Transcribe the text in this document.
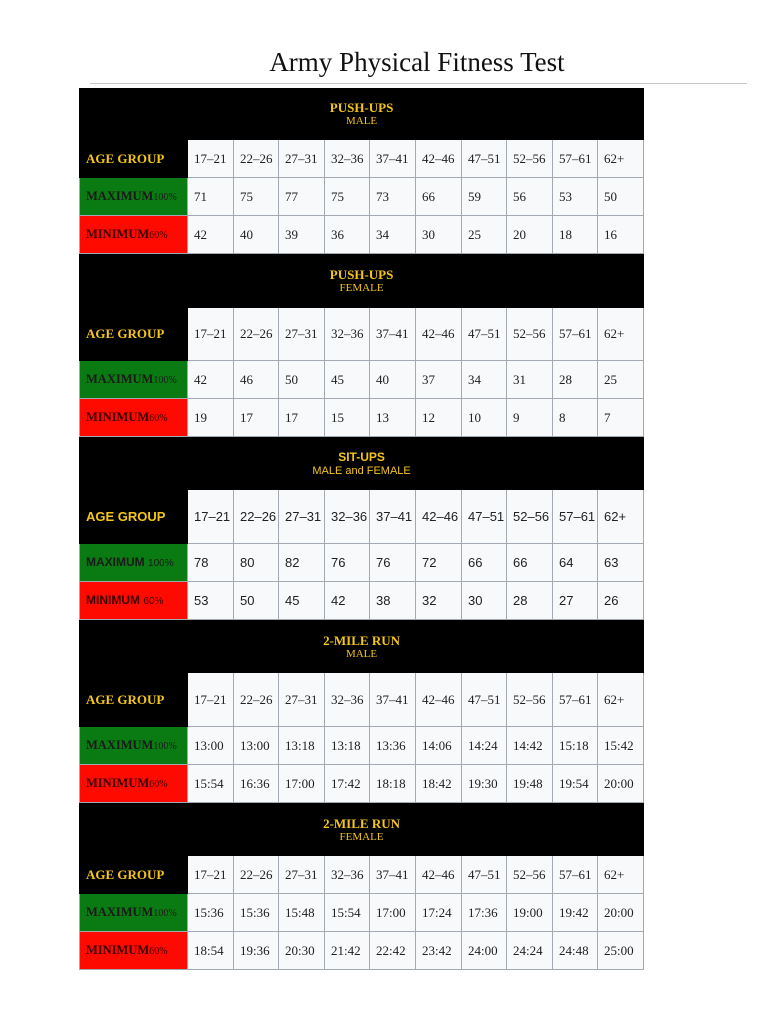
Army Physical Fitness Test
PUSH-UPS
MALE										

AGE GROUP	17–21	22–26	27–31	32–36	37–41	42–46	47–51	52–56	57–61	62+
MAXIMUM100%	71	75	77	75	73	66	59	56	53	50
MINIMUM60%	42	40	39	36	34	30	25	20	18	16
PUSH-UPS
FEMALE										

AGE GROUP	17–21	22–26	27–31	32–36	37–41	42–46	47–51	52–56	57–61	62+
MAXIMUM100%	42	46	50	45	40	37	34	31	28	25
MINIMUM60%	19	17	17	15	13	12	10	9	8	7
SIT-UPS
MALE and FEMALE										

AGE GROUP	17–21	22–26	27–31	32–36	37–41	42–46	47–51	52–56	57–61	62+
MAXIMUM 100%	78	80	82	76	76	72	66	66	64	63
MINIMUM 60%	53	50	45	42	38	32	30	28	27	26
2-MILE RUN
MALE										

AGE GROUP	17–21	22–26	27–31	32–36	37–41	42–46	47–51	52–56	57–61	62+
MAXIMUM100%	13:00	13:00	13:18	13:18	13:36	14:06	14:24	14:42	15:18	15:42
MINIMUM60%	15:54	16:36	17:00	17:42	18:18	18:42	19:30	19:48	19:54	20:00
2-MILE RUN
FEMALE										

AGE GROUP	17–21	22–26	27–31	32–36	37–41	42–46	47–51	52–56	57–61	62+
MAXIMUM100%	15:36	15:36	15:48	15:54	17:00	17:24	17:36	19:00	19:42	20:00
MINIMUM60%	18:54	19:36	20:30	21:42	22:42	23:42	24:00	24:24	24:48	25:00
